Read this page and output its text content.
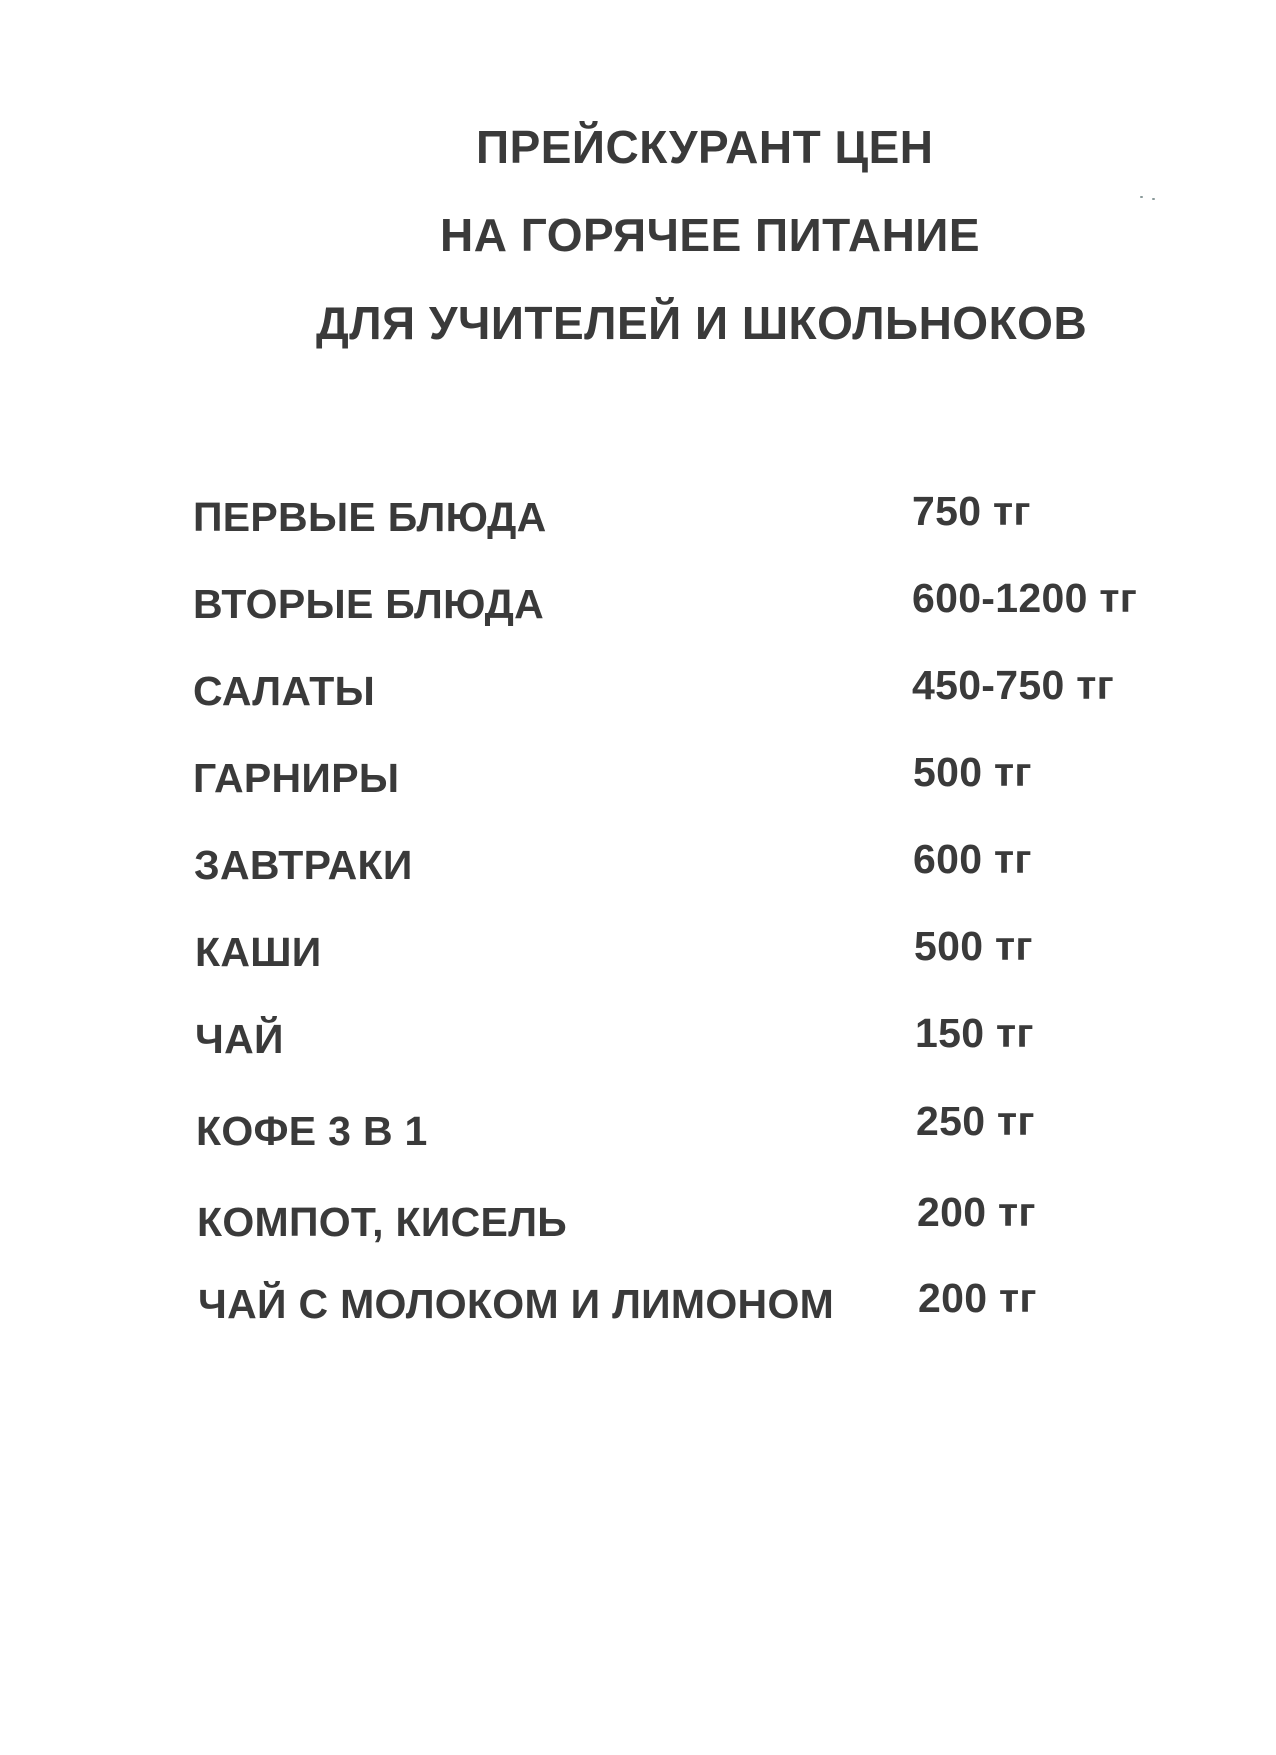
ПРЕЙСКУРАНТ ЦЕН
НА ГОРЯЧЕЕ ПИТАНИЕ
ДЛЯ УЧИТЕЛЕЙ И ШКОЛЬНОКОВ
ПЕРВЫЕ БЛЮДА	750 тг
ВТОРЫЕ БЛЮДА	600-1200 тг
САЛАТЫ	450-750 тг
ГАРНИРЫ	500 тг
ЗАВТРАКИ	600 тг
КАШИ	500 тг
ЧАЙ	150 тг
КОФЕ 3 В 1	250 тг
КОМПОТ, КИСЕЛЬ	200 тг
ЧАЙ С МОЛОКОМ И ЛИМОНОМ 200 тг
